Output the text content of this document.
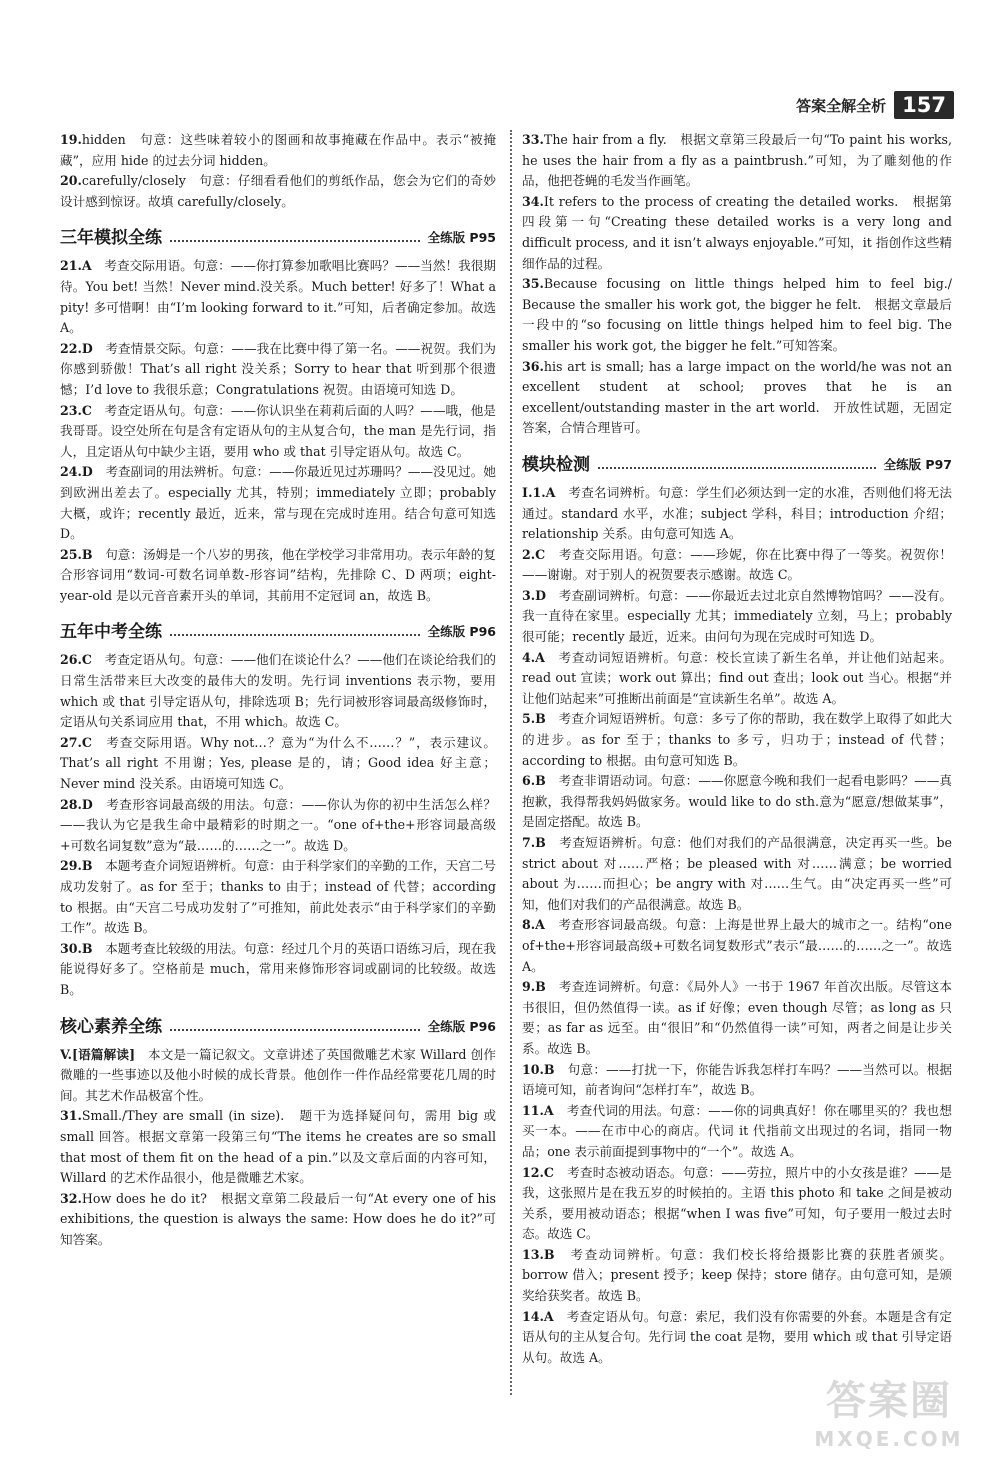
答案全解全析 157

19.hidden　句意：这些味着较小的图画和故事掩藏在作品中。表示“被掩藏”，应用 hide 的过去分词 hidden。

20.carefully/closely　句意：仔细看看他们的剪纸作品，您会为它们的奇妙设计感到惊讶。故填 carefully/closely。

三年模拟全练	全练版 P95

21.A　考查交际用语。句意：——你打算参加歌唱比赛吗？——当然！我很期待。You bet! 当然！Never mind.没关系。Much better! 好多了！What a pity! 多可惜啊！由“I’m looking forward to it.”可知，后者确定参加。故选 A。

22.D　考查情景交际。句意：——我在比赛中得了第一名。——祝贺。我们为你感到骄傲！That’s all right 没关系；Sorry to hear that 听到那个很遗憾；I’d love to 我很乐意；Congratulations 祝贺。由语境可知选 D。

23.C　考查定语从句。句意：——你认识坐在莉莉后面的人吗？——哦，他是我哥哥。设空处所在句是含有定语从句的主从复合句，the man 是先行词，指人，且定语从句中缺少主语，要用 who 或 that 引导定语从句。故选 C。

24.D　考查副词的用法辨析。句意：——你最近见过苏珊吗？——没见过。她到欧洲出差去了。especially 尤其，特别；immediately 立即；probably 大概，或许；recently 最近，近来，常与现在完成时连用。结合句意可知选 D。

25.B　句意：汤姆是一个八岁的男孩，他在学校学习非常用功。表示年龄的复合形容词用“数词-可数名词单数-形容词”结构，先排除 C、D 两项；eight-year-old 是以元音音素开头的单词，其前用不定冠词 an，故选 B。

五年中考全练	全练版 P96

26.C　考查定语从句。句意：——他们在谈论什么？——他们在谈论给我们的日常生活带来巨大改变的最伟大的发明。先行词 inventions 表示物，要用 which 或 that 引导定语从句，排除选项 B；先行词被形容词最高级修饰时，定语从句关系词应用 that，不用 which。故选 C。

27.C　考查交际用语。Why not…？意为“为什么不……？”，表示建议。That’s all right 不用谢；Yes, please 是的，请；Good idea 好主意；Never mind 没关系。由语境可知选 C。

28.D　考查形容词最高级的用法。句意：——你认为你的初中生活怎么样？——我认为它是我生命中最精彩的时期之一。“one of+the+形容词最高级+可数名词复数”意为“最……的……之一”。故选 D。

29.B　本题考查介词短语辨析。句意：由于科学家们的辛勤的工作，天宫二号成功发射了。as for 至于；thanks to 由于；instead of 代替；according to 根据。由“天宫二号成功发射了”可推知，前此处表示“由于科学家们的辛勤工作”。故选 B。

30.B　本题考查比较级的用法。句意：经过几个月的英语口语练习后，现在我能说得好多了。空格前是 much，常用来修饰形容词或副词的比较级。故选 B。

核心素养全练	全练版 P96

V.[语篇解读]　本文是一篇记叙文。文章讲述了英国微雕艺术家 Willard 创作微雕的一些事迹以及他小时候的成长背景。他创作一件作品经常要花几周的时间。其艺术作品极富个性。

31.Small./They are small (in size).　题干为选择疑问句，需用 big 或 small 回答。根据文章第一段第三句“The items he creates are so small that most of them fit on the head of a pin.”以及文章后面的内容可知，Willard 的艺术作品很小，他是微雕艺术家。

32.How does he do it?　根据文章第二段最后一句“At every one of his exhibitions, the question is always the same: How does he do it?”可知答案。

33.The hair from a fly.　根据文章第三段最后一句“To paint his works, he uses the hair from a fly as a paintbrush.”可知，为了雕刻他的作品，他把苍蝇的毛发当作画笔。

34.It refers to the process of creating the detailed works.　根据第四段第一句“Creating these detailed works is a very long and difficult process, and it isn’t always enjoyable.”可知，it 指创作这些精细作品的过程。

35.Because focusing on little things helped him to feel big./ Because the smaller his work got, the bigger he felt.　根据文章最后一段中的“so focusing on little things helped him to feel big. The smaller his work got, the bigger he felt.”可知答案。

36.his art is small; has a large impact on the world/he was not an excellent student at school; proves that he is an excellent/outstanding master in the art world.　开放性试题，无固定答案，合情合理皆可。

模块检测	全练版 P97

Ⅰ.1.A　考查名词辨析。句意：学生们必须达到一定的水准，否则他们将无法通过。standard 水平，水准；subject 学科，科目；introduction 介绍；relationship 关系。由句意可知选 A。

2.C　考查交际用语。句意：——珍妮，你在比赛中得了一等奖。祝贺你！——谢谢。对于别人的祝贺要表示感谢。故选 C。

3.D　考查副词辨析。句意：——你最近去过北京自然博物馆吗？——没有。我一直待在家里。especially 尤其；immediately 立刻，马上；probably 很可能；recently 最近，近来。由问句为现在完成时可知选 D。

4.A　考查动词短语辨析。句意：校长宣读了新生名单，并让他们站起来。read out 宣读；work out 算出；find out 查出；look out 当心。根据“并让他们站起来”可推断出前面是“宣读新生名单”。故选 A。

5.B　考查介词短语辨析。句意：多亏了你的帮助，我在数学上取得了如此大的进步。as for 至于；thanks to 多亏，归功于；instead of 代替；according to 根据。由句意可知选 B。

6.B　考查非谓语动词。句意：——你愿意今晚和我们一起看电影吗？——真抱歉，我得帮我妈妈做家务。would like to do sth.意为“愿意/想做某事”，是固定搭配。故选 B。

7.B　考查短语辨析。句意：他们对我们的产品很满意，决定再买一些。be strict about 对……严格；be pleased with 对……满意；be worried about 为……而担心；be angry with 对……生气。由“决定再买一些”可知，他们对我们的产品很满意。故选 B。

8.A　考查形容词最高级。句意：上海是世界上最大的城市之一。结构“one of+the+形容词最高级+可数名词复数形式”表示“最……的……之一”。故选 A。

9.B　考查连词辨析。句意：《局外人》一书于 1967 年首次出版。尽管这本书很旧，但仍然值得一读。as if 好像；even though 尽管；as long as 只要；as far as 远至。由“很旧”和“仍然值得一读”可知，两者之间是让步关系。故选 B。

10.B　句意：——打扰一下，你能告诉我怎样打车吗？——当然可以。根据语境可知，前者询问“怎样打车”，故选 B。

11.A　考查代词的用法。句意：——你的词典真好！你在哪里买的？我也想买一本。——在市中心的商店。代词 it 代指前文出现过的名词，指同一物品；one 表示前面提到事物中的“一个”。故选 A。

12.C　考查时态被动语态。句意：——劳拉，照片中的小女孩是谁？——是我，这张照片是在我五岁的时候拍的。主语 this photo 和 take 之间是被动关系，要用被动语态；根据“when I was five”可知，句子要用一般过去时态。故选 C。

13.B　考查动词辨析。句意：我们校长将给摄影比赛的获胜者颁奖。borrow 借入；present 授予；keep 保持；store 储存。由句意可知，是颁奖给获奖者。故选 B。

14.A　考查定语从句。句意：索尼，我们没有你需要的外套。本题是含有定语从句的主从复合句。先行词 the coat 是物，要用 which 或 that 引导定语从句。故选 A。

答案圈
MXQE.COM
